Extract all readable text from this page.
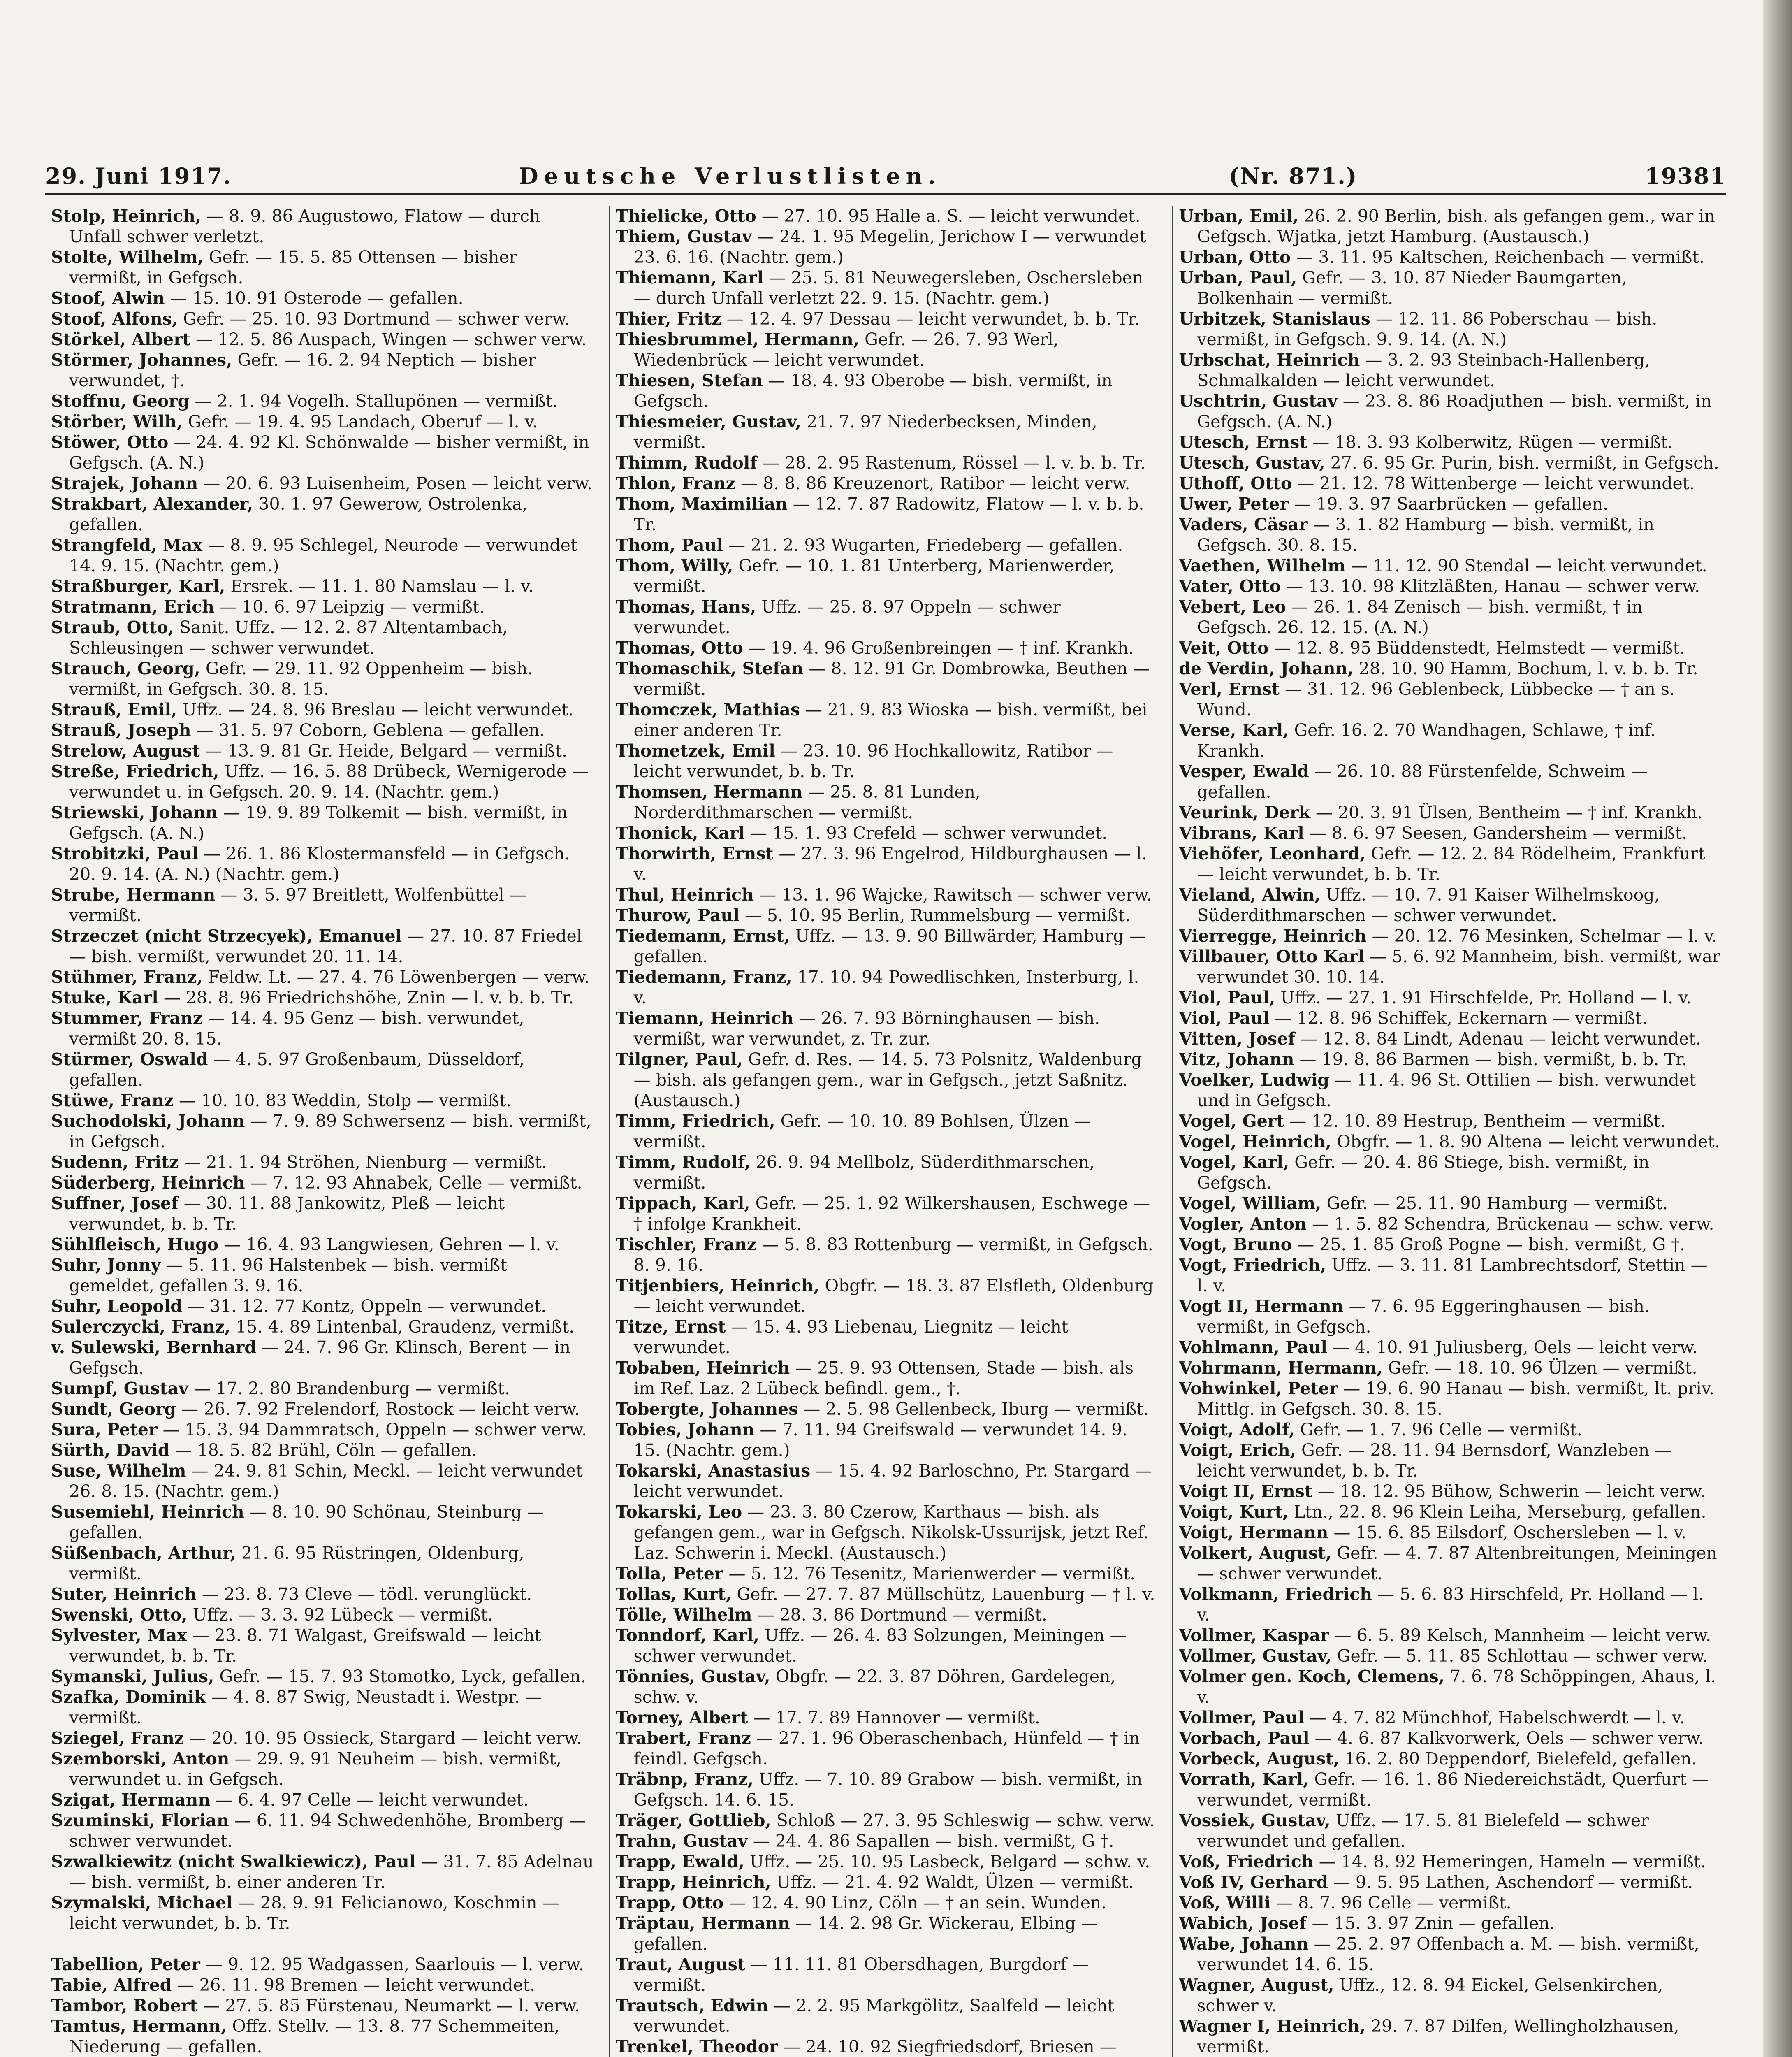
29. Juni 1917.	Deutsche Verlustlisten.	(Nr. 871.)	19381
Stolp, Heinrich, — 8. 9. 86 Augustowo, Flatow — durch Unfall schwer verletzt.
Stolte, Wilhelm, Gefr. — 15. 5. 85 Ottensen — bisher vermißt, in Gefgsch.
Stoof, Alwin — 15. 10. 91 Osterode — gefallen.
Stoof, Alfons, Gefr. — 25. 10. 93 Dortmund — schwer verw.
Störkel, Albert — 12. 5. 86 Auspach, Wingen — schwer verw.
Störmer, Johannes, Gefr. — 16. 2. 94 Neptich — bisher verwundet, †.
Stoffnu, Georg — 2. 1. 94 Vogelh. Stallupönen — vermißt.
Störber, Wilh, Gefr. — 19. 4. 95 Landach, Oberuf — l. v.
Stöwer, Otto — 24. 4. 92 Kl. Schönwalde — bisher vermißt, in Gefgsch. (A. N.)
Strajek, Johann — 20. 6. 93 Luisenheim, Posen — leicht verw.
Strakbart, Alexander, 30. 1. 97 Gewerow, Ostrolenka, gefallen.
Strangfeld, Max — 8. 9. 95 Schlegel, Neurode — verwundet 14. 9. 15. (Nachtr. gem.)
Straßburger, Karl, Ersrek. — 11. 1. 80 Namslau — l. v.
Stratmann, Erich — 10. 6. 97 Leipzig — vermißt.
Straub, Otto, Sanit. Uffz. — 12. 2. 87 Altentambach, Schleusingen — schwer verwundet.
Strauch, Georg, Gefr. — 29. 11. 92 Oppenheim — bish. vermißt, in Gefgsch. 30. 8. 15.
Strauß, Emil, Uffz. — 24. 8. 96 Breslau — leicht verwundet.
Strauß, Joseph — 31. 5. 97 Coborn, Geblena — gefallen.
Strelow, August — 13. 9. 81 Gr. Heide, Belgard — vermißt.
Streße, Friedrich, Uffz. — 16. 5. 88 Drübeck, Wernigerode — verwundet u. in Gefgsch. 20. 9. 14. (Nachtr. gem.)
Striewski, Johann — 19. 9. 89 Tolkemit — bish. vermißt, in Gefgsch. (A. N.)
Strobitzki, Paul — 26. 1. 86 Klostermansfeld — in Gefgsch. 20. 9. 14. (A. N.) (Nachtr. gem.)
Strube, Hermann — 3. 5. 97 Breitlett, Wolfenbüttel — vermißt.
Strzeczet (nicht Strzecyek), Emanuel — 27. 10. 87 Friedel — bish. vermißt, verwundet 20. 11. 14.
Stühmer, Franz, Feldw. Lt. — 27. 4. 76 Löwenbergen — verw.
Stuke, Karl — 28. 8. 96 Friedrichshöhe, Znin — l. v. b. b. Tr.
Stummer, Franz — 14. 4. 95 Genz — bish. verwundet, vermißt 20. 8. 15.
Stürmer, Oswald — 4. 5. 97 Großenbaum, Düsseldorf, gefallen.
Stüwe, Franz — 10. 10. 83 Weddin, Stolp — vermißt.
Suchodolski, Johann — 7. 9. 89 Schwersenz — bish. vermißt, in Gefgsch.
Sudenn, Fritz — 21. 1. 94 Ströhen, Nienburg — vermißt.
Süderberg, Heinrich — 7. 12. 93 Ahnabek, Celle — vermißt.
Suffner, Josef — 30. 11. 88 Jankowitz, Pleß — leicht verwundet, b. b. Tr.
Sühlfleisch, Hugo — 16. 4. 93 Langwiesen, Gehren — l. v.
Suhr, Jonny — 5. 11. 96 Halstenbek — bish. vermißt gemeldet, gefallen 3. 9. 16.
Suhr, Leopold — 31. 12. 77 Kontz, Oppeln — verwundet.
Sulerczycki, Franz, 15. 4. 89 Lintenbal, Graudenz, vermißt.
v. Sulewski, Bernhard — 24. 7. 96 Gr. Klinsch, Berent — in Gefgsch.
Sumpf, Gustav — 17. 2. 80 Brandenburg — vermißt.
Sundt, Georg — 26. 7. 92 Frelendorf, Rostock — leicht verw.
Sura, Peter — 15. 3. 94 Dammratsch, Oppeln — schwer verw.
Sürth, David — 18. 5. 82 Brühl, Cöln — gefallen.
Suse, Wilhelm — 24. 9. 81 Schin, Meckl. — leicht verwundet 26. 8. 15. (Nachtr. gem.)
Susemiehl, Heinrich — 8. 10. 90 Schönau, Steinburg — gefallen.
Süßenbach, Arthur, 21. 6. 95 Rüstringen, Oldenburg, vermißt.
Suter, Heinrich — 23. 8. 73 Cleve — tödl. verunglückt.
Swenski, Otto, Uffz. — 3. 3. 92 Lübeck — vermißt.
Sylvester, Max — 23. 8. 71 Walgast, Greifswald — leicht verwundet, b. b. Tr.
Symanski, Julius, Gefr. — 15. 7. 93 Stomotko, Lyck, gefallen.
Szafka, Dominik — 4. 8. 87 Swig, Neustadt i. Westpr. — vermißt.
Sziegel, Franz — 20. 10. 95 Ossieck, Stargard — leicht verw.
Szemborski, Anton — 29. 9. 91 Neuheim — bish. vermißt, verwundet u. in Gefgsch.
Szigat, Hermann — 6. 4. 97 Celle — leicht verwundet.
Szuminski, Florian — 6. 11. 94 Schwedenhöhe, Bromberg — schwer verwundet.
Szwalkiewitz (nicht Swalkiewicz), Paul — 31. 7. 85 Adelnau — bish. vermißt, b. einer anderen Tr.
Szymalski, Michael — 28. 9. 91 Felicianowo, Koschmin — leicht verwundet, b. b. Tr.
Tabellion, Peter — 9. 12. 95 Wadgassen, Saarlouis — l. verw.
Tabie, Alfred — 26. 11. 98 Bremen — leicht verwundet.
Tambor, Robert — 27. 5. 85 Fürstenau, Neumarkt — l. verw.
Tamtus, Hermann, Offz. Stellv. — 13. 8. 77 Schemmeiten, Niederung — gefallen.
Thielicke, Otto — 27. 10. 95 Halle a. S. — leicht verwundet.
Thiem, Gustav — 24. 1. 95 Megelin, Jerichow I — verwundet 23. 6. 16. (Nachtr. gem.)
Thiemann, Karl — 25. 5. 81 Neuwegersleben, Oschersleben — durch Unfall verletzt 22. 9. 15. (Nachtr. gem.)
Thier, Fritz — 12. 4. 97 Dessau — leicht verwundet, b. b. Tr.
Thiesbrummel, Hermann, Gefr. — 26. 7. 93 Werl, Wiedenbrück — leicht verwundet.
Thiesen, Stefan — 18. 4. 93 Oberobe — bish. vermißt, in Gefgsch.
Thiesmeier, Gustav, 21. 7. 97 Niederbecksen, Minden, vermißt.
Thimm, Rudolf — 28. 2. 95 Rastenum, Rössel — l. v. b. b. Tr.
Thlon, Franz — 8. 8. 86 Kreuzenort, Ratibor — leicht verw.
Thom, Maximilian — 12. 7. 87 Radowitz, Flatow — l. v. b. b. Tr.
Thom, Paul — 21. 2. 93 Wugarten, Friedeberg — gefallen.
Thom, Willy, Gefr. — 10. 1. 81 Unterberg, Marienwerder, vermißt.
Thomas, Hans, Uffz. — 25. 8. 97 Oppeln — schwer verwundet.
Thomas, Otto — 19. 4. 96 Großenbreingen — † inf. Krankh.
Thomaschik, Stefan — 8. 12. 91 Gr. Dombrowka, Beuthen — vermißt.
Thomczek, Mathias — 21. 9. 83 Wioska — bish. vermißt, bei einer anderen Tr.
Thometzek, Emil — 23. 10. 96 Hochkallowitz, Ratibor — leicht verwundet, b. b. Tr.
Thomsen, Hermann — 25. 8. 81 Lunden, Norderdithmarschen — vermißt.
Thonick, Karl — 15. 1. 93 Crefeld — schwer verwundet.
Thorwirth, Ernst — 27. 3. 96 Engelrod, Hildburghausen — l. v.
Thul, Heinrich — 13. 1. 96 Wajcke, Rawitsch — schwer verw.
Thurow, Paul — 5. 10. 95 Berlin, Rummelsburg — vermißt.
Tiedemann, Ernst, Uffz. — 13. 9. 90 Billwärder, Hamburg — gefallen.
Tiedemann, Franz, 17. 10. 94 Powedlischken, Insterburg, l. v.
Tiemann, Heinrich — 26. 7. 93 Börninghausen — bish. vermißt, war verwundet, z. Tr. zur.
Tilgner, Paul, Gefr. d. Res. — 14. 5. 73 Polsnitz, Waldenburg — bish. als gefangen gem., war in Gefgsch., jetzt Saßnitz. (Austausch.)
Timm, Friedrich, Gefr. — 10. 10. 89 Bohlsen, Ülzen — vermißt.
Timm, Rudolf, 26. 9. 94 Mellbolz, Süderdithmarschen, vermißt.
Tippach, Karl, Gefr. — 25. 1. 92 Wilkershausen, Eschwege — † infolge Krankheit.
Tischler, Franz — 5. 8. 83 Rottenburg — vermißt, in Gefgsch. 8. 9. 16.
Titjenbiers, Heinrich, Obgfr. — 18. 3. 87 Elsfleth, Oldenburg — leicht verwundet.
Titze, Ernst — 15. 4. 93 Liebenau, Liegnitz — leicht verwundet.
Tobaben, Heinrich — 25. 9. 93 Ottensen, Stade — bish. als im Ref. Laz. 2 Lübeck befindl. gem., †.
Tobergte, Johannes — 2. 5. 98 Gellenbeck, Iburg — vermißt.
Tobies, Johann — 7. 11. 94 Greifswald — verwundet 14. 9. 15. (Nachtr. gem.)
Tokarski, Anastasius — 15. 4. 92 Barloschno, Pr. Stargard — leicht verwundet.
Tokarski, Leo — 23. 3. 80 Czerow, Karthaus — bish. als gefangen gem., war in Gefgsch. Nikolsk-Ussurijsk, jetzt Ref. Laz. Schwerin i. Meckl. (Austausch.)
Tolla, Peter — 5. 12. 76 Tesenitz, Marienwerder — vermißt.
Tollas, Kurt, Gefr. — 27. 7. 87 Müllschütz, Lauenburg — † l. v.
Tölle, Wilhelm — 28. 3. 86 Dortmund — vermißt.
Tonndorf, Karl, Uffz. — 26. 4. 83 Solzungen, Meiningen — schwer verwundet.
Tönnies, Gustav, Obgfr. — 22. 3. 87 Döhren, Gardelegen, schw. v.
Torney, Albert — 17. 7. 89 Hannover — vermißt.
Trabert, Franz — 27. 1. 96 Oberaschenbach, Hünfeld — † in feindl. Gefgsch.
Träbnp, Franz, Uffz. — 7. 10. 89 Grabow — bish. vermißt, in Gefgsch. 14. 6. 15.
Träger, Gottlieb, Schloß — 27. 3. 95 Schleswig — schw. verw.
Trahn, Gustav — 24. 4. 86 Sapallen — bish. vermißt, G †.
Trapp, Ewald, Uffz. — 25. 10. 95 Lasbeck, Belgard — schw. v.
Trapp, Heinrich, Uffz. — 21. 4. 92 Waldt, Ülzen — vermißt.
Trapp, Otto — 12. 4. 90 Linz, Cöln — † an sein. Wunden.
Träptau, Hermann — 14. 2. 98 Gr. Wickerau, Elbing — gefallen.
Traut, August — 11. 11. 81 Obersdhagen, Burgdorf — vermißt.
Trautsch, Edwin — 2. 2. 95 Markgölitz, Saalfeld — leicht verwundet.
Trenkel, Theodor — 24. 10. 92 Siegfriedsdorf, Briesen —
Urban, Emil, 26. 2. 90 Berlin, bish. als gefangen gem., war in Gefgsch. Wjatka, jetzt Hamburg. (Austausch.)
Urban, Otto — 3. 11. 95 Kaltschen, Reichenbach — vermißt.
Urban, Paul, Gefr. — 3. 10. 87 Nieder Baumgarten, Bolkenhain — vermißt.
Urbitzek, Stanislaus — 12. 11. 86 Poberschau — bish. vermißt, in Gefgsch. 9. 9. 14. (A. N.)
Urbschat, Heinrich — 3. 2. 93 Steinbach-Hallenberg, Schmalkalden — leicht verwundet.
Uschtrin, Gustav — 23. 8. 86 Roadjuthen — bish. vermißt, in Gefgsch. (A. N.)
Utesch, Ernst — 18. 3. 93 Kolberwitz, Rügen — vermißt.
Utesch, Gustav, 27. 6. 95 Gr. Purin, bish. vermißt, in Gefgsch.
Uthoff, Otto — 21. 12. 78 Wittenberge — leicht verwundet.
Uwer, Peter — 19. 3. 97 Saarbrücken — gefallen.
Vaders, Cäsar — 3. 1. 82 Hamburg — bish. vermißt, in Gefgsch. 30. 8. 15.
Vaethen, Wilhelm — 11. 12. 90 Stendal — leicht verwundet.
Vater, Otto — 13. 10. 98 Klitzläßten, Hanau — schwer verw.
Vebert, Leo — 26. 1. 84 Zenisch — bish. vermißt, † in Gefgsch. 26. 12. 15. (A. N.)
Veit, Otto — 12. 8. 95 Büddenstedt, Helmstedt — vermißt.
de Verdin, Johann, 28. 10. 90 Hamm, Bochum, l. v. b. b. Tr.
Verl, Ernst — 31. 12. 96 Geblenbeck, Lübbecke — † an s. Wund.
Verse, Karl, Gefr. 16. 2. 70 Wandhagen, Schlawe, † inf. Krankh.
Vesper, Ewald — 26. 10. 88 Fürstenfelde, Schweim — gefallen.
Veurink, Derk — 20. 3. 91 Ülsen, Bentheim — † inf. Krankh.
Vibrans, Karl — 8. 6. 97 Seesen, Gandersheim — vermißt.
Viehöfer, Leonhard, Gefr. — 12. 2. 84 Rödelheim, Frankfurt — leicht verwundet, b. b. Tr.
Vieland, Alwin, Uffz. — 10. 7. 91 Kaiser Wilhelmskoog, Süderdithmarschen — schwer verwundet.
Vierregge, Heinrich — 20. 12. 76 Mesinken, Schelmar — l. v.
Villbauer, Otto Karl — 5. 6. 92 Mannheim, bish. vermißt, war verwundet 30. 10. 14.
Viol, Paul, Uffz. — 27. 1. 91 Hirschfelde, Pr. Holland — l. v.
Viol, Paul — 12. 8. 96 Schiffek, Eckernarn — vermißt.
Vitten, Josef — 12. 8. 84 Lindt, Adenau — leicht verwundet.
Vitz, Johann — 19. 8. 86 Barmen — bish. vermißt, b. b. Tr.
Voelker, Ludwig — 11. 4. 96 St. Ottilien — bish. verwundet und in Gefgsch.
Vogel, Gert — 12. 10. 89 Hestrup, Bentheim — vermißt.
Vogel, Heinrich, Obgfr. — 1. 8. 90 Altena — leicht verwundet.
Vogel, Karl, Gefr. — 20. 4. 86 Stiege, bish. vermißt, in Gefgsch.
Vogel, William, Gefr. — 25. 11. 90 Hamburg — vermißt.
Vogler, Anton — 1. 5. 82 Schendra, Brückenau — schw. verw.
Vogt, Bruno — 25. 1. 85 Groß Pogne — bish. vermißt, G †.
Vogt, Friedrich, Uffz. — 3. 11. 81 Lambrechtsdorf, Stettin — l. v.
Vogt II, Hermann — 7. 6. 95 Eggeringhausen — bish. vermißt, in Gefgsch.
Vohlmann, Paul — 4. 10. 91 Juliusberg, Oels — leicht verw.
Vohrmann, Hermann, Gefr. — 18. 10. 96 Ülzen — vermißt.
Vohwinkel, Peter — 19. 6. 90 Hanau — bish. vermißt, lt. priv. Mittlg. in Gefgsch. 30. 8. 15.
Voigt, Adolf, Gefr. — 1. 7. 96 Celle — vermißt.
Voigt, Erich, Gefr. — 28. 11. 94 Bernsdorf, Wanzleben — leicht verwundet, b. b. Tr.
Voigt II, Ernst — 18. 12. 95 Bühow, Schwerin — leicht verw.
Voigt, Kurt, Ltn., 22. 8. 96 Klein Leiha, Merseburg, gefallen.
Voigt, Hermann — 15. 6. 85 Eilsdorf, Oschersleben — l. v.
Volkert, August, Gefr. — 4. 7. 87 Altenbreitungen, Meiningen — schwer verwundet.
Volkmann, Friedrich — 5. 6. 83 Hirschfeld, Pr. Holland — l. v.
Vollmer, Kaspar — 6. 5. 89 Kelsch, Mannheim — leicht verw.
Vollmer, Gustav, Gefr. — 5. 11. 85 Schlottau — schwer verw.
Volmer gen. Koch, Clemens, 7. 6. 78 Schöppingen, Ahaus, l. v.
Vollmer, Paul — 4. 7. 82 Münchhof, Habelschwerdt — l. v.
Vorbach, Paul — 4. 6. 87 Kalkvorwerk, Oels — schwer verw.
Vorbeck, August, 16. 2. 80 Deppendorf, Bielefeld, gefallen.
Vorrath, Karl, Gefr. — 16. 1. 86 Niedereichstädt, Querfurt — verwundet, vermißt.
Vossiek, Gustav, Uffz. — 17. 5. 81 Bielefeld — schwer verwundet und gefallen.
Voß, Friedrich — 14. 8. 92 Hemeringen, Hameln — vermißt.
Voß IV, Gerhard — 9. 5. 95 Lathen, Aschendorf — vermißt.
Voß, Willi — 8. 7. 96 Celle — vermißt.
Wabich, Josef — 15. 3. 97 Znin — gefallen.
Wabe, Johann — 25. 2. 97 Offenbach a. M. — bish. vermißt, verwundet 14. 6. 15.
Wagner, August, Uffz., 12. 8. 94 Eickel, Gelsenkirchen, schwer v.
Wagner I, Heinrich, 29. 7. 87 Dilfen, Wellingholzhausen, vermißt.
